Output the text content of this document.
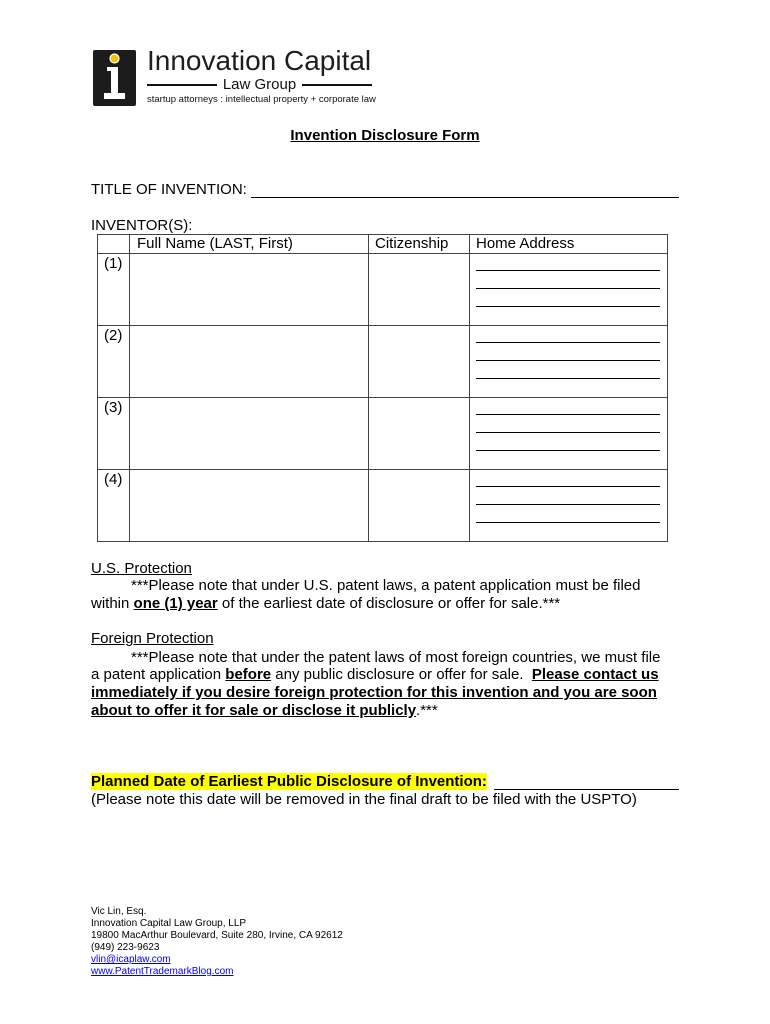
Innovation Capital
Law Group
startup attorneys : intellectual property + corporate law
Invention Disclosure Form
TITLE OF INVENTION:
INVENTOR(S):
Full Name (LAST, First)	Citizenship	Home Address
(1)
(2)
(3)
(4)
U.S. Protection
***Please note that under U.S. patent laws, a patent application must be filed
within one (1) year of the earliest date of disclosure or offer for sale.***
Foreign Protection
***Please note that under the patent laws of most foreign countries, we must file
a patent application before any public disclosure or offer for sale.  Please contact us
immediately if you desire foreign protection for this invention and you are soon
about to offer it for sale or disclose it publicly.***
Planned Date of Earliest Public Disclosure of Invention:
(Please note this date will be removed in the final draft to be filed with the USPTO)
Vic Lin, Esq.
Innovation Capital Law Group, LLP
19800 MacArthur Boulevard, Suite 280, Irvine, CA 92612
(949) 223-9623
vlin@icaplaw.com
www.PatentTrademarkBlog.com
